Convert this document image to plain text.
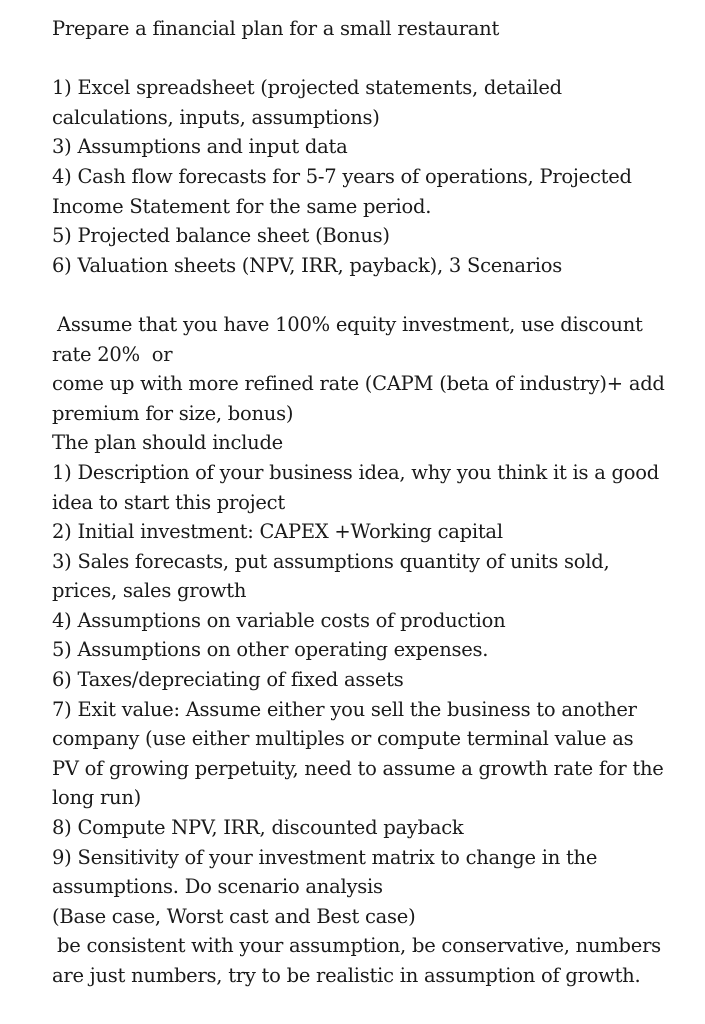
Prepare a financial plan for a small restaurant
1) Excel spreadsheet (projected statements, detailed
calculations, inputs, assumptions)
3) Assumptions and input data
4) Cash flow forecasts for 5-7 years of operations, Projected
Income Statement for the same period.
5) Projected balance sheet (Bonus)
6) Valuation sheets (NPV, IRR, payback), 3 Scenarios
Assume that you have 100% equity investment, use discount
rate 20%  or
come up with more refined rate (CAPM (beta of industry)+ add
premium for size, bonus)
The plan should include
1) Description of your business idea, why you think it is a good
idea to start this project
2) Initial investment: CAPEX +Working capital
3) Sales forecasts, put assumptions quantity of units sold,
prices, sales growth
4) Assumptions on variable costs of production
5) Assumptions on other operating expenses.
6) Taxes/depreciating of fixed assets
7) Exit value: Assume either you sell the business to another
company (use either multiples or compute terminal value as
PV of growing perpetuity, need to assume a growth rate for the
long run)
8) Compute NPV, IRR, discounted payback
9) Sensitivity of your investment matrix to change in the
assumptions. Do scenario analysis
(Base case, Worst cast and Best case)
be consistent with your assumption, be conservative, numbers
are just numbers, try to be realistic in assumption of growth.
